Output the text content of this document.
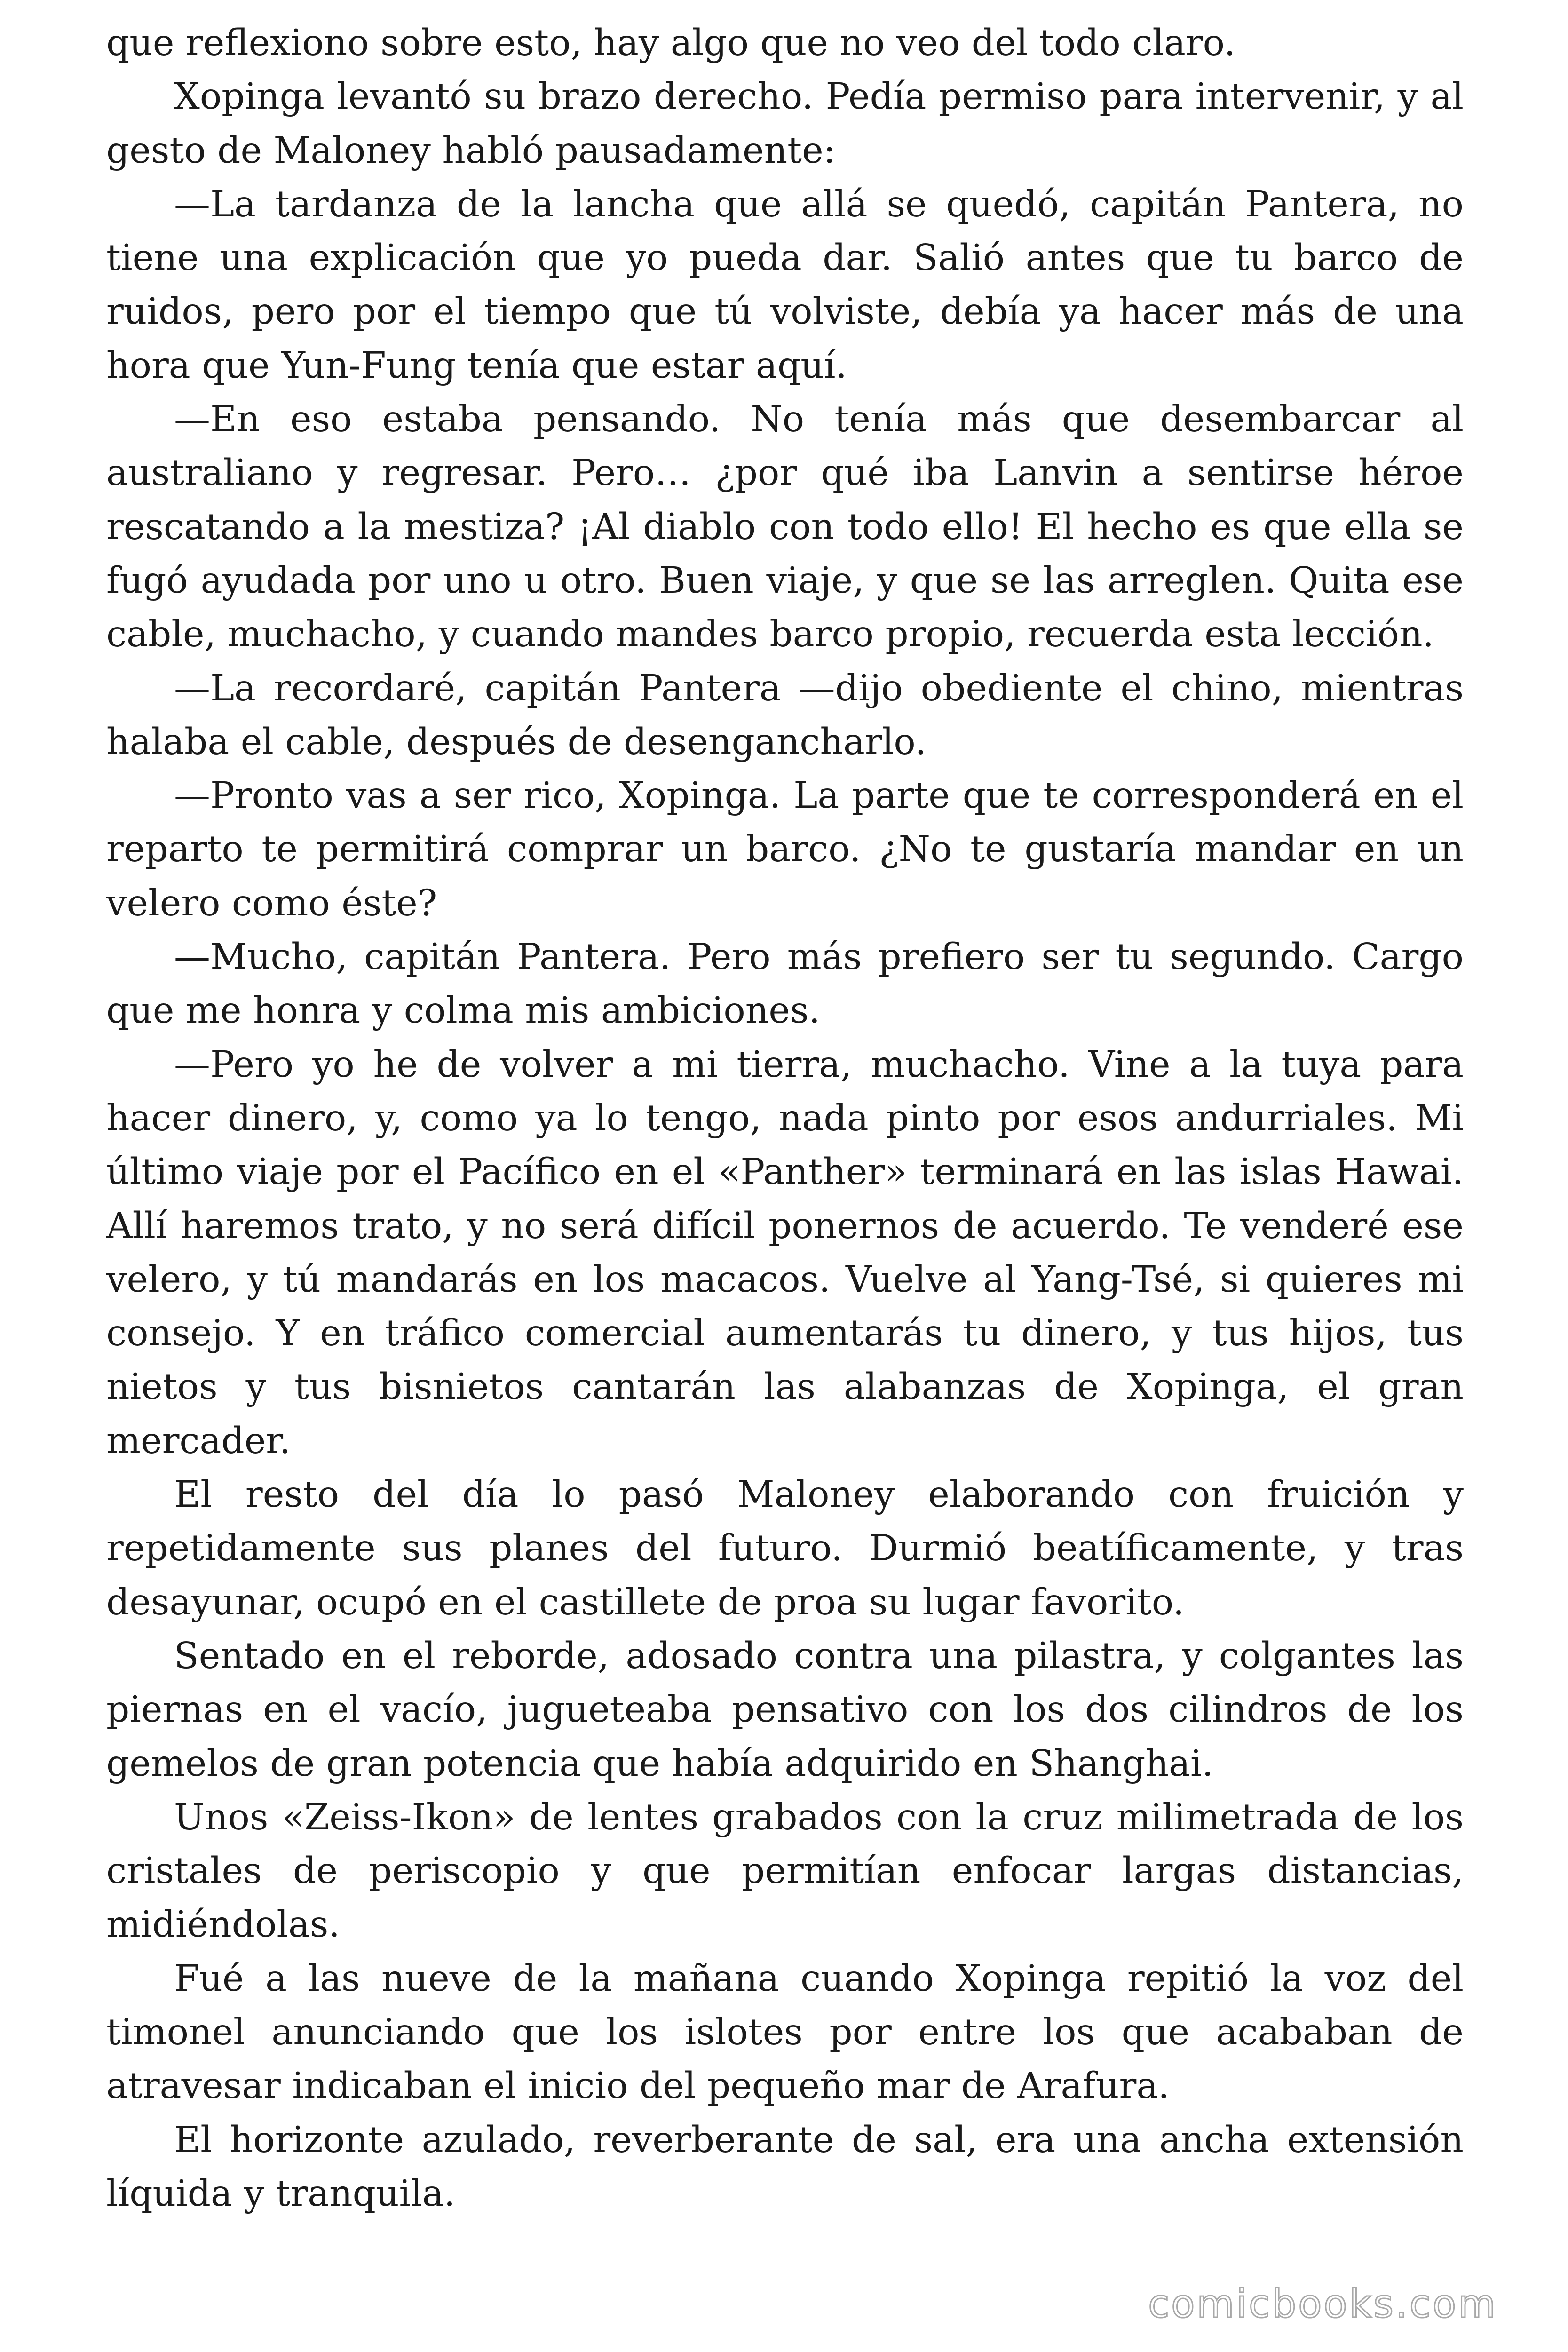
que reflexiono sobre esto, hay algo que no veo del todo claro.

Xopinga levantó su brazo derecho. Pedía permiso para intervenir, y al gesto de Maloney habló pausadamente:

—La tardanza de la lancha que allá se quedó, capitán Pantera, no tiene una explicación que yo pueda dar. Salió antes que tu barco de ruidos, pero por el tiempo que tú volviste, debía ya hacer más de una hora que Yun-Fung tenía que estar aquí.

—En eso estaba pensando. No tenía más que desembarcar al australiano y regresar. Pero… ¿por qué iba Lanvin a sentirse héroe rescatando a la mestiza? ¡Al diablo con todo ello! El hecho es que ella se fugó ayudada por uno u otro. Buen viaje, y que se las arreglen. Quita ese cable, muchacho, y cuando mandes barco propio, recuerda esta lección.

—La recordaré, capitán Pantera —dijo obediente el chino, mientras halaba el cable, después de desengancharlo.

—Pronto vas a ser rico, Xopinga. La parte que te corresponderá en el reparto te permitirá comprar un barco. ¿No te gustaría mandar en un velero como éste?

—Mucho, capitán Pantera. Pero más prefiero ser tu segundo. Cargo que me honra y colma mis ambiciones.

—Pero yo he de volver a mi tierra, muchacho. Vine a la tuya para hacer dinero, y, como ya lo tengo, nada pinto por esos andurriales. Mi último viaje por el Pacífico en el «Panther» terminará en las islas Hawai. Allí haremos trato, y no será difícil ponernos de acuerdo. Te venderé ese velero, y tú mandarás en los macacos. Vuelve al Yang-Tsé, si quieres mi consejo. Y en tráfico comercial aumentarás tu dinero, y tus hijos, tus nietos y tus bisnietos cantarán las alabanzas de Xopinga, el gran mercader.

El resto del día lo pasó Maloney elaborando con fruición y repetidamente sus planes del futuro. Durmió beatíficamente, y tras desayunar, ocupó en el castillete de proa su lugar favorito.

Sentado en el reborde, adosado contra una pilastra, y colgantes las piernas en el vacío, jugueteaba pensativo con los dos cilindros de los gemelos de gran potencia que había adquirido en Shanghai.

Unos «Zeiss-Ikon» de lentes grabados con la cruz milimetrada de los cristales de periscopio y que permitían enfocar largas distancias, midiéndolas.

Fué a las nueve de la mañana cuando Xopinga repitió la voz del timonel anunciando que los islotes por entre los que acababan de atravesar indicaban el inicio del pequeño mar de Arafura.

El horizonte azulado, reverberante de sal, era una ancha extensión líquida y tranquila.

comicbooks.com
